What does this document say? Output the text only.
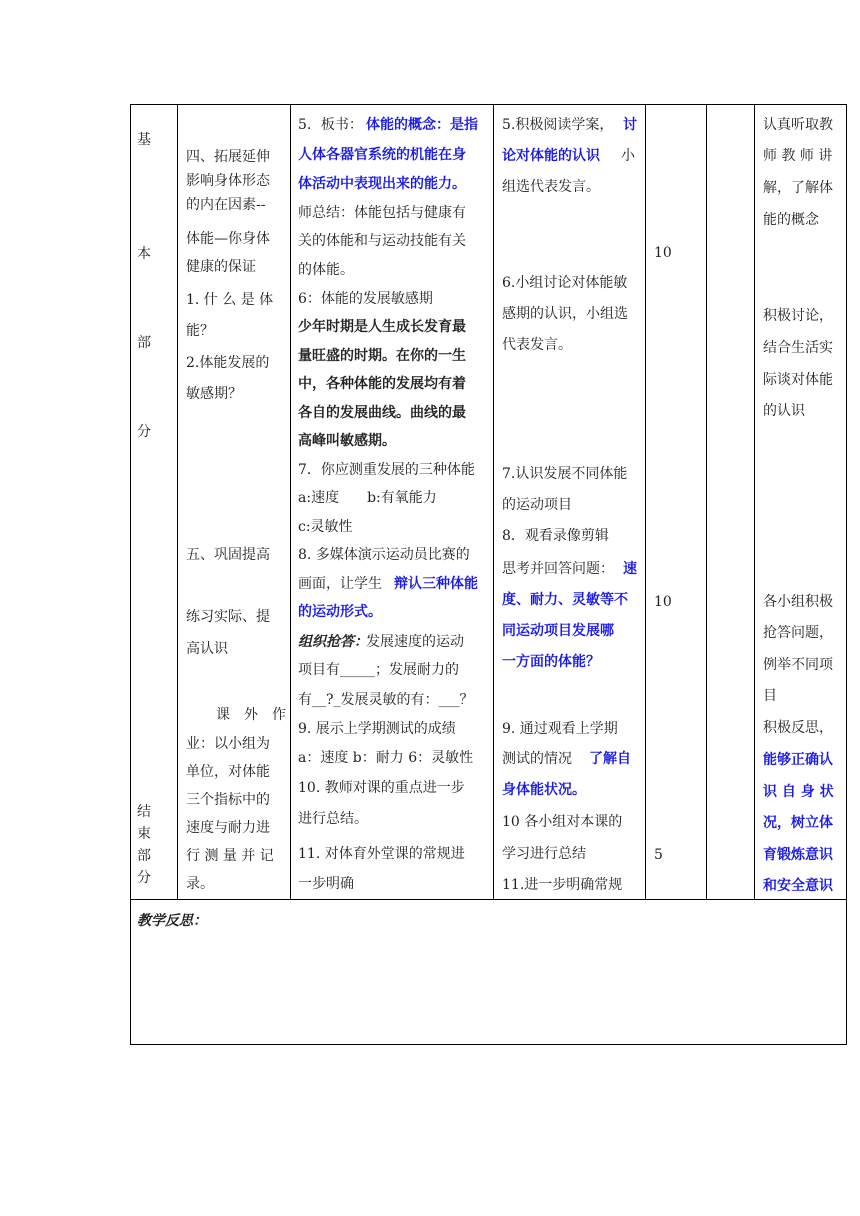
基
本
部
分
结
束
部
分
四、拓展延伸
影响身体形态
的内在因素--
体能—你身体
健康的保证
1. 什 么 是 体
能？
2.体能发展的
敏感期？
五、巩固提高
练习实际、提
高认识
课　外　作
业：以小组为
单位，对体能
三个指标中的
速度与耐力进
行 测 量 并 记
录。
5．板书： 体能的概念：是指
人体各器官系统的机能在身
体活动中表现出来的能力。
师总结：体能包括与健康有
关的体能和与运动技能有关
的体能。
6：体能的发展敏感期
少年时期是人生成长发育最
量旺盛的时期。在你的一生
中，各种体能的发展均有着
各自的发展曲线。曲线的最
高峰叫敏感期。
7．你应测重发展的三种体能
a:速度　　b:有氧能力
c:灵敏性
8. 多媒体演示运动员比赛的
画面，让学生 辩认三种体能
的运动形式。
组织抢答：
发展速度的运动
项目有_____；发展耐力的
有__?_发展灵敏的有：___？
9. 展示上学期测试的成绩
a：速度 b：耐力 6：灵敏性
10. 教师对课的重点进一步
进行总结。
11. 对体育外堂课的常规进
一步明确
5.积极阅读学案， 讨
论对体能的认识 小
组选代表发言。
6.小组讨论对体能敏
感期的认识，小组选
代表发言。
7.认识发展不同体能
的运动项目
8．观看录像剪辑
思考并回答问题： 速
度、耐力、灵敏等不
同运动项目发展哪
一方面的体能？
9. 通过观看上学期
测试的情况 了解自
身体能状况。
10 各小组对本课的
学习进行总结
11.进一步明确常规
10
10
5
认真听取教
师 教 师 讲
解，了解体
能的概念
积极讨论，
结合生活实
际谈对体能
的认识
各小组积极
抢答问题，
例举不同项
目
积极反思，
能够正确认
识 自 身 状
况，树立体
育锻炼意识
和安全意识
教学反思：
